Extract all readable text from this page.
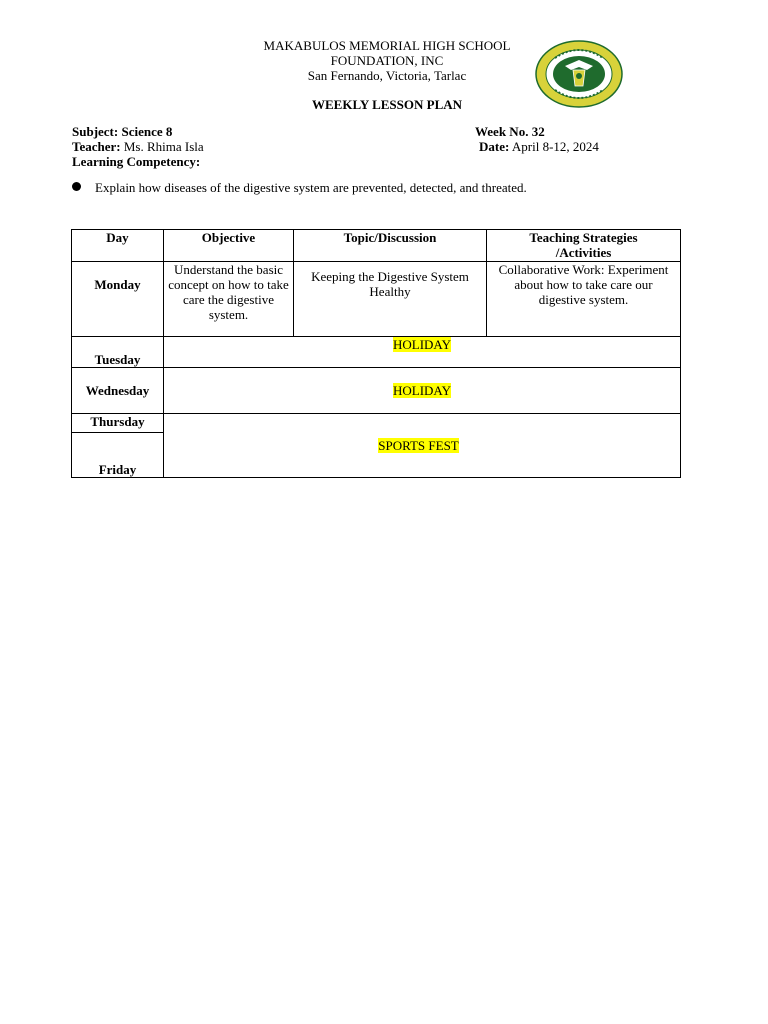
MAKABULOS MEMORIAL HIGH SCHOOL
FOUNDATION, INC
San Fernando, Victoria, Tarlac
WEEKLY LESSON PLAN
Subject: Science 8	Week No. 32
Teacher: Ms. Rhima Isla	Date: April 8-12, 2024
Learning Competency:
Explain how diseases of the digestive system are prevented, detected, and threated.
Day	Objective	Topic/Discussion	Teaching Strategies
/Activities

Monday	Understand the basic concept on how to take care the digestive system.	Keeping the Digestive System Healthy	Collaborative Work: Experiment about how to take care our digestive system.
Tuesday	HOLIDAY		
Wednesday	HOLIDAY		
Thursday	SPORTS FEST		
Friday			
